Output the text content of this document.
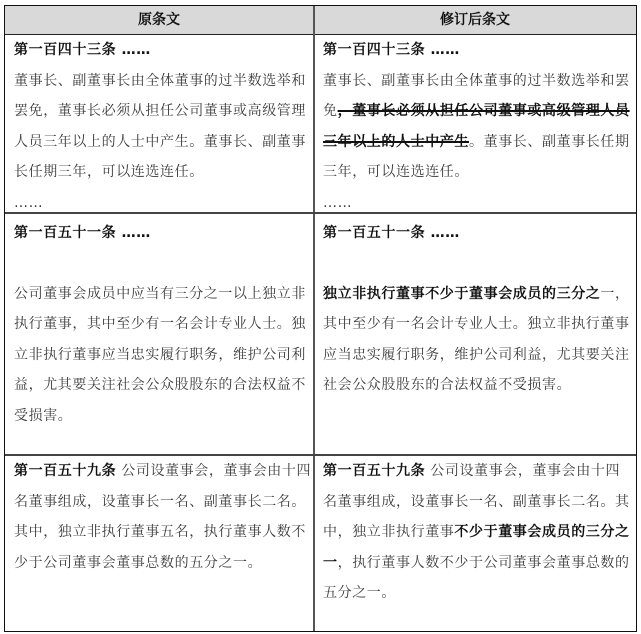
原条文	修订后条文
第一百四十三条 ……
董事长、副董事长由全体董事的过半数选举和罢免，董事长必须从担任公司董事或高级管理人员三年以上的人士中产生。董事长、副董事长任期三年，可以连选连任。
……
第一百四十三条 ……
董事长、副董事长由全体董事的过半数选举和罢免，董事长必须从担任公司董事或高级管理人员三年以上的人士中产生。董事长、副董事长任期三年，可以连选连任。
……
第一百五十一条 ……
公司董事会成员中应当有三分之一以上独立非执行董事，其中至少有一名会计专业人士。独立非执行董事应当忠实履行职务，维护公司利益，尤其要关注社会公众股股东的合法权益不受损害。
第一百五十一条 ……
独立非执行董事不少于董事会成员的三分之一，其中至少有一名会计专业人士。独立非执行董事应当忠实履行职务，维护公司利益，尤其要关注社会公众股股东的合法权益不受损害。
第一百五十九条 公司设董事会，董事会由十四名董事组成，设董事长一名、副董事长二名。其中，独立非执行董事五名，执行董事人数不少于公司董事会董事总数的五分之一。
第一百五十九条 公司设董事会，董事会由十四名董事组成，设董事长一名、副董事长二名。其中，独立非执行董事不少于董事会成员的三分之一，执行董事人数不少于公司董事会董事总数的五分之一。
